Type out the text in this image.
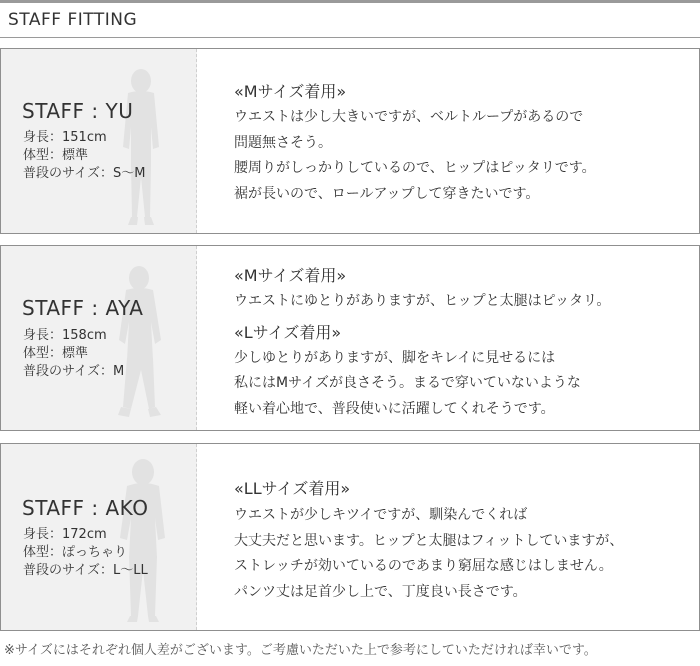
STAFF FITTING
STAFF : YU
身長：151cm
体型：標準
普段のサイズ：S〜M
«Mサイズ着用»
ウエストは少し大きいですが、ベルトループがあるので
問題無さそう。
腰周りがしっかりしているので、ヒップはピッタリです。
裾が長いので、ロールアップして穿きたいです。
STAFF : AYA
身長：158cm
体型：標準
普段のサイズ：M
«Mサイズ着用»
ウエストにゆとりがありますが、ヒップと太腿はピッタリ。
«Lサイズ着用»
少しゆとりがありますが、脚をキレイに見せるには
私にはMサイズが良さそう。まるで穿いていないような
軽い着心地で、普段使いに活躍してくれそうです。
STAFF : AKO
身長：172cm
体型：ぽっちゃり
普段のサイズ：L〜LL
«LLサイズ着用»
ウエストが少しキツイですが、馴染んでくれば
大丈夫だと思います。ヒップと太腿はフィットしていますが、
ストレッチが効いているのであまり窮屈な感じはしません。
パンツ丈は足首少し上で、丁度良い長さです。
※サイズにはそれぞれ個人差がございます。ご考慮いただいた上で参考にしていただければ幸いです。
